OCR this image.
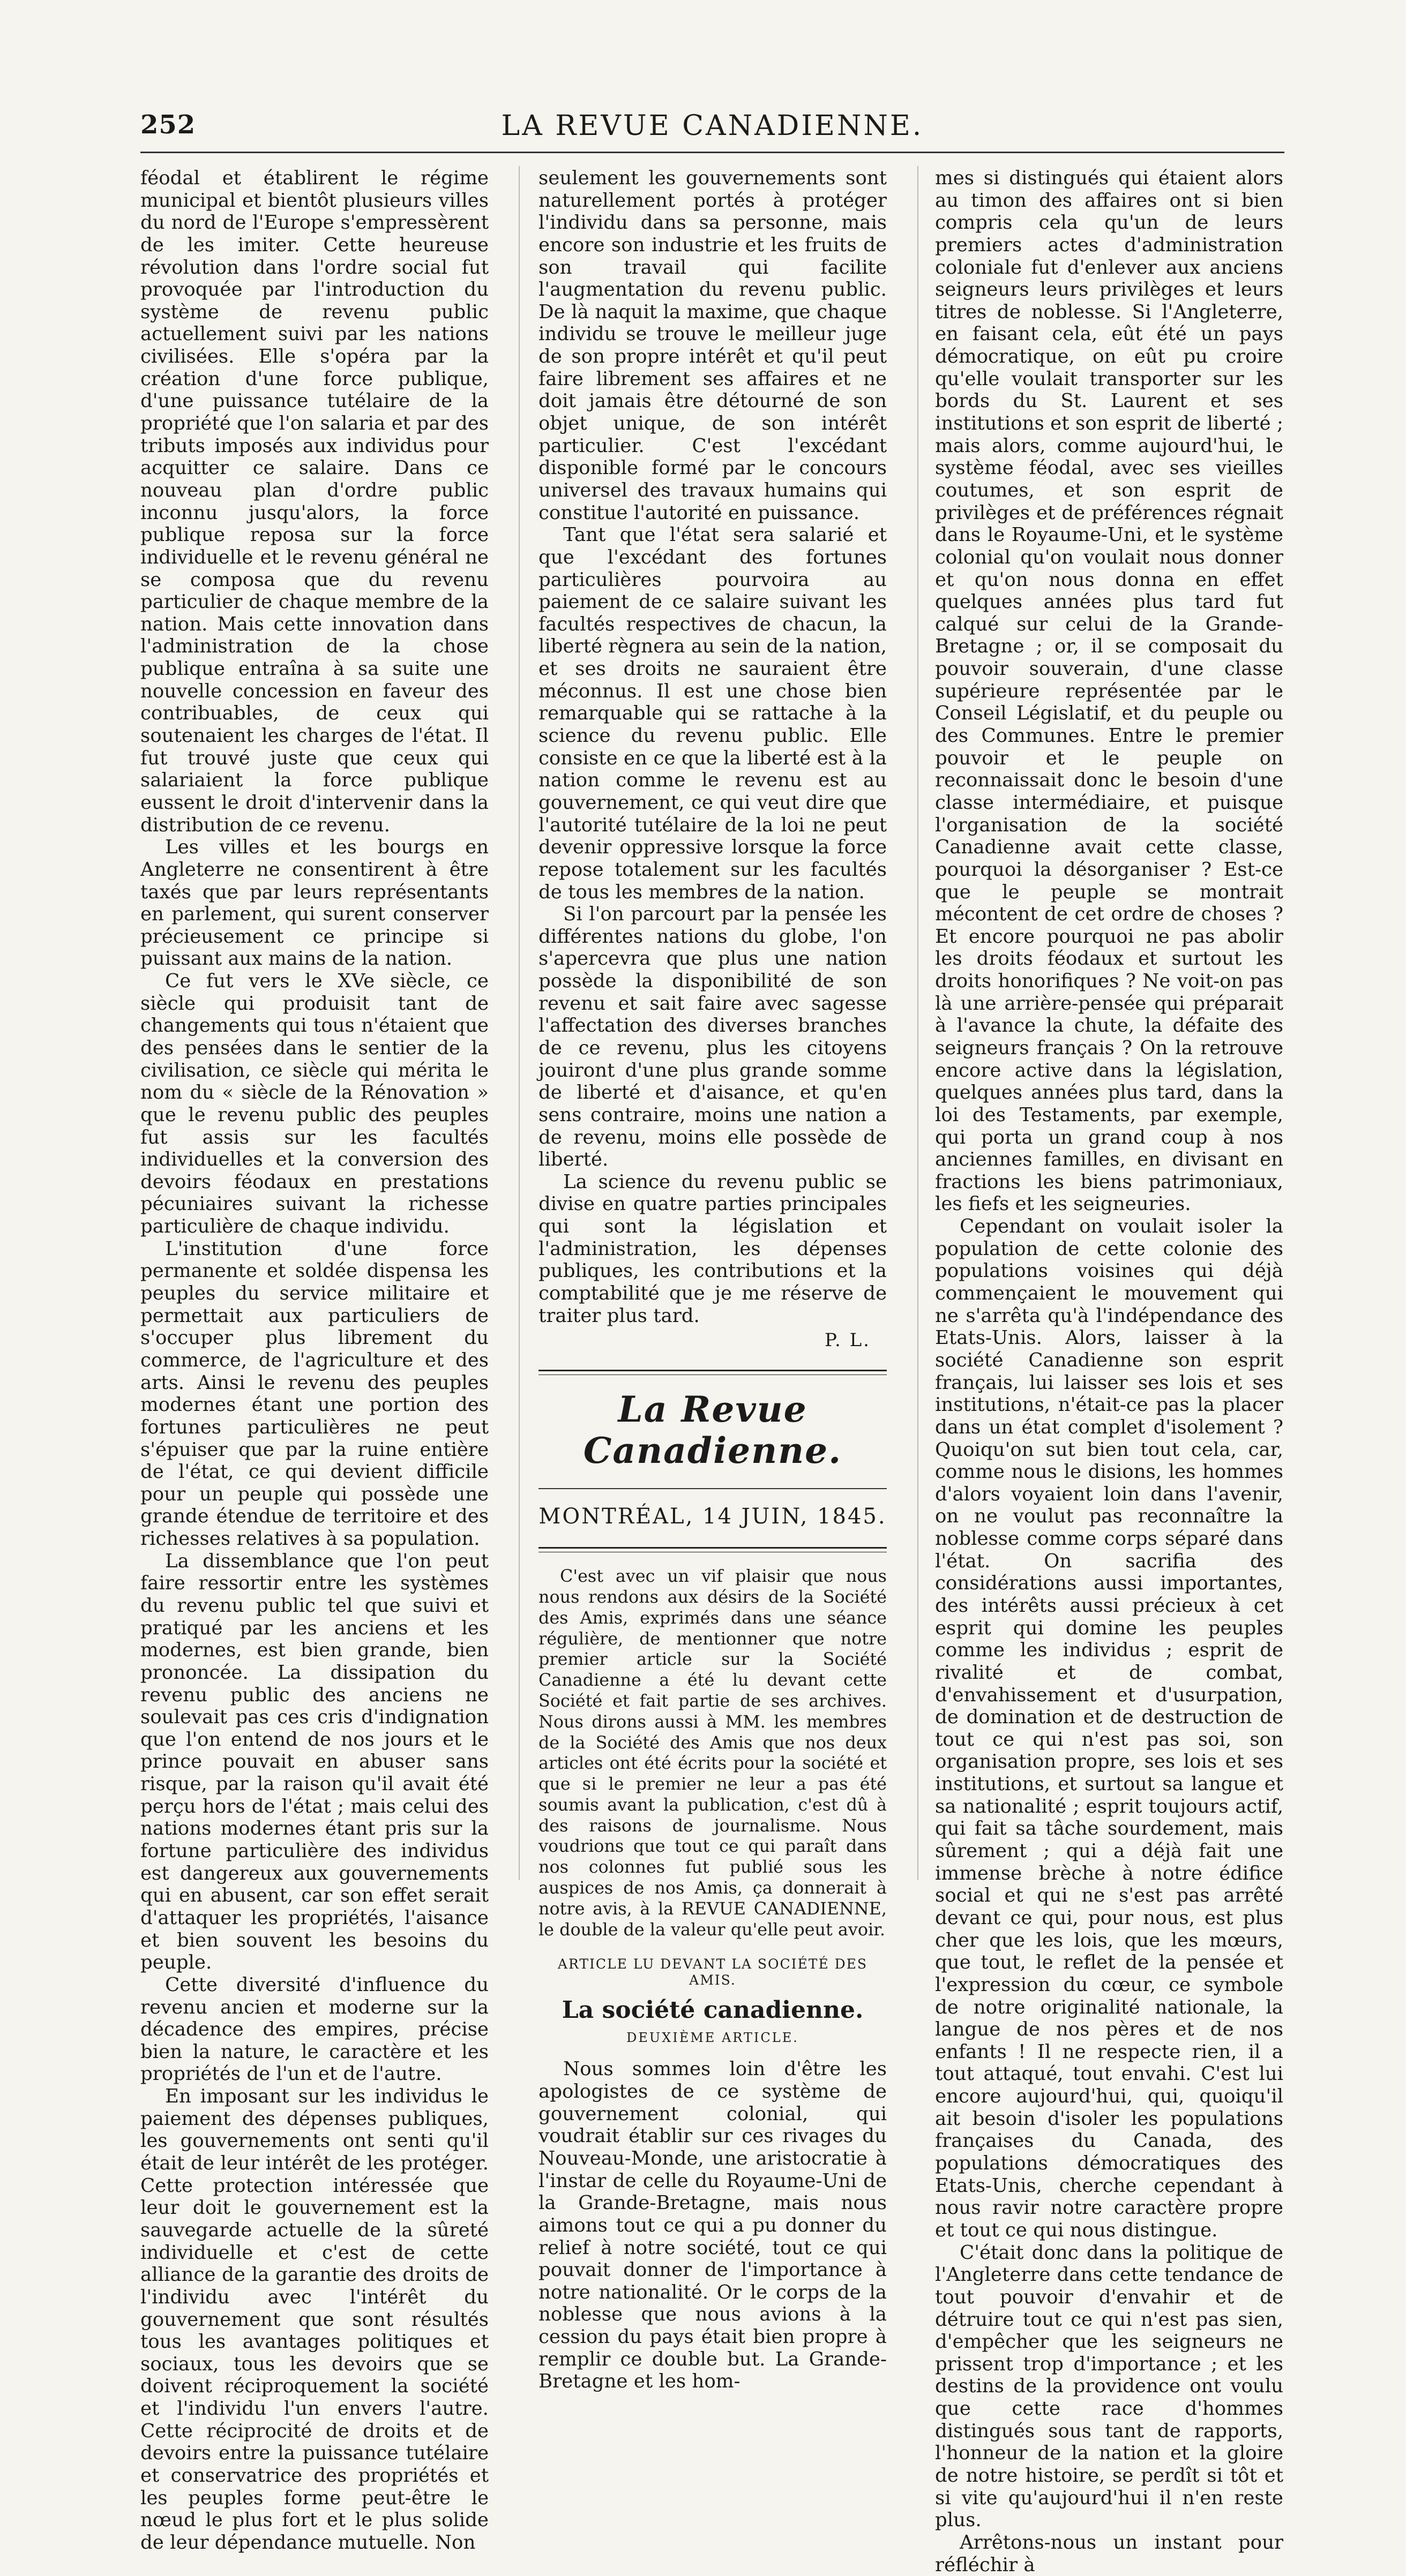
252	LA REVUE CANADIENNE.

féodal et établirent le régime municipal et bientôt plusieurs villes du nord de l'Europe s'empressèrent de les imiter. Cette heureuse révolution dans l'ordre social fut provoquée par l'introduction du système de revenu public actuellement suivi par les nations civilisées. Elle s'opéra par la création d'une force publique, d'une puissance tutélaire de la propriété que l'on salaria et par des tributs imposés aux individus pour acquitter ce salaire. Dans ce nouveau plan d'ordre public inconnu jusqu'alors, la force publique reposa sur la force individuelle et le revenu général ne se composa que du revenu particulier de chaque membre de la nation. Mais cette innovation dans l'administration de la chose publique entraîna à sa suite une nouvelle concession en faveur des contribuables, de ceux qui soutenaient les charges de l'état. Il fut trouvé juste que ceux qui salariaient la force publique eussent le droit d'intervenir dans la distribution de ce revenu.

Les villes et les bourgs en Angleterre ne consentirent à être taxés que par leurs représentants en parlement, qui surent conserver précieusement ce principe si puissant aux mains de la nation.

Ce fut vers le XVe siècle, ce siècle qui produisit tant de changements qui tous n'étaient que des pensées dans le sentier de la civilisation, ce siècle qui mérita le nom du « siècle de la Rénovation » que le revenu public des peuples fut assis sur les facultés individuelles et la conversion des devoirs féodaux en prestations pécuniaires suivant la richesse particulière de chaque individu.

L'institution d'une force permanente et soldée dispensa les peuples du service militaire et permettait aux particuliers de s'occuper plus librement du commerce, de l'agriculture et des arts. Ainsi le revenu des peuples modernes étant une portion des fortunes particulières ne peut s'épuiser que par la ruine entière de l'état, ce qui devient difficile pour un peuple qui possède une grande étendue de territoire et des richesses relatives à sa population.

La dissemblance que l'on peut faire ressortir entre les systèmes du revenu public tel que suivi et pratiqué par les anciens et les modernes, est bien grande, bien prononcée. La dissipation du revenu public des anciens ne soulevait pas ces cris d'indignation que l'on entend de nos jours et le prince pouvait en abuser sans risque, par la raison qu'il avait été perçu hors de l'état ; mais celui des nations modernes étant pris sur la fortune particulière des individus est dangereux aux gouvernements qui en abusent, car son effet serait d'attaquer les propriétés, l'aisance et bien souvent les besoins du peuple.

Cette diversité d'influence du revenu ancien et moderne sur la décadence des empires, précise bien la nature, le caractère et les propriétés de l'un et de l'autre.

En imposant sur les individus le paiement des dépenses publiques, les gouvernements ont senti qu'il était de leur intérêt de les protéger. Cette protection intéressée que leur doit le gouvernement est la sauvegarde actuelle de la sûreté individuelle et c'est de cette alliance de la garantie des droits de l'individu avec l'intérêt du gouvernement que sont résultés tous les avantages politiques et sociaux, tous les devoirs que se doivent réciproquement la société et l'individu l'un envers l'autre. Cette réciprocité de droits et de devoirs entre la puissance tutélaire et conservatrice des propriétés et les peuples forme peut-être le nœud le plus fort et le plus solide de leur dépendance mutuelle. Non

seulement les gouvernements sont naturellement portés à protéger l'individu dans sa personne, mais encore son industrie et les fruits de son travail qui facilite l'augmentation du revenu public. De là naquit la maxime, que chaque individu se trouve le meilleur juge de son propre intérêt et qu'il peut faire librement ses affaires et ne doit jamais être détourné de son objet unique, de son intérêt particulier. C'est l'excédant disponible formé par le concours universel des travaux humains qui constitue l'autorité en puissance.

Tant que l'état sera salarié et que l'excédant des fortunes particulières pourvoira au paiement de ce salaire suivant les facultés respectives de chacun, la liberté règnera au sein de la nation, et ses droits ne sauraient être méconnus. Il est une chose bien remarquable qui se rattache à la science du revenu public. Elle consiste en ce que la liberté est à la nation comme le revenu est au gouvernement, ce qui veut dire que l'autorité tutélaire de la loi ne peut devenir oppressive lorsque la force repose totalement sur les facultés de tous les membres de la nation.

Si l'on parcourt par la pensée les différentes nations du globe, l'on s'apercevra que plus une nation possède la disponibilité de son revenu et sait faire avec sagesse l'affectation des diverses branches de ce revenu, plus les citoyens jouiront d'une plus grande somme de liberté et d'aisance, et qu'en sens contraire, moins une nation a de revenu, moins elle possède de liberté.

La science du revenu public se divise en quatre parties principales qui sont la législation et l'administration, les dépenses publiques, les contributions et la comptabilité que je me réserve de traiter plus tard.

P. L.
La Revue Canadienne.
MONTRÉAL, 14 JUIN, 1845.

C'est avec un vif plaisir que nous nous rendons aux désirs de la Société des Amis, exprimés dans une séance régulière, de mentionner que notre premier article sur la Société Canadienne a été lu devant cette Société et fait partie de ses archives. Nous dirons aussi à MM. les membres de la Société des Amis que nos deux articles ont été écrits pour la société et que si le premier ne leur a pas été soumis avant la publication, c'est dû à des raisons de journalisme. Nous voudrions que tout ce qui paraît dans nos colonnes fut publié sous les auspices de nos Amis, ça donnerait à notre avis, à la REVUE CANADIENNE, le double de la valeur qu'elle peut avoir.

ARTICLE LU DEVANT LA SOCIÉTÉ DES AMIS.
La société canadienne.
DEUXIÈME ARTICLE.

Nous sommes loin d'être les apologistes de ce système de gouvernement colonial, qui voudrait établir sur ces rivages du Nouveau-Monde, une aristocratie à l'instar de celle du Royaume-Uni de la Grande-Bretagne, mais nous aimons tout ce qui a pu donner du relief à notre société, tout ce qui pouvait donner de l'importance à notre nationalité. Or le corps de la noblesse que nous avions à la cession du pays était bien propre à remplir ce double but. La Grande-Bretagne et les hom-

mes si distingués qui étaient alors au timon des affaires ont si bien compris cela qu'un de leurs premiers actes d'administration coloniale fut d'enlever aux anciens seigneurs leurs privilèges et leurs titres de noblesse. Si l'Angleterre, en faisant cela, eût été un pays démocratique, on eût pu croire qu'elle voulait transporter sur les bords du St. Laurent et ses institutions et son esprit de liberté ; mais alors, comme aujourd'hui, le système féodal, avec ses vieilles coutumes, et son esprit de privilèges et de préférences régnait dans le Royaume-Uni, et le système colonial qu'on voulait nous donner et qu'on nous donna en effet quelques années plus tard fut calqué sur celui de la Grande-Bretagne ; or, il se composait du pouvoir souverain, d'une classe supérieure représentée par le Conseil Législatif, et du peuple ou des Communes. Entre le premier pouvoir et le peuple on reconnaissait donc le besoin d'une classe intermédiaire, et puisque l'organisation de la société Canadienne avait cette classe, pourquoi la désorganiser ? Est-ce que le peuple se montrait mécontent de cet ordre de choses ? Et encore pourquoi ne pas abolir les droits féodaux et surtout les droits honorifiques ? Ne voit-on pas là une arrière-pensée qui préparait à l'avance la chute, la défaite des seigneurs français ? On la retrouve encore active dans la législation, quelques années plus tard, dans la loi des Testaments, par exemple, qui porta un grand coup à nos anciennes familles, en divisant en fractions les biens patrimoniaux, les fiefs et les seigneuries.

Cependant on voulait isoler la population de cette colonie des populations voisines qui déjà commençaient le mouvement qui ne s'arrêta qu'à l'indépendance des Etats-Unis. Alors, laisser à la société Canadienne son esprit français, lui laisser ses lois et ses institutions, n'était-ce pas la placer dans un état complet d'isolement ? Quoiqu'on sut bien tout cela, car, comme nous le disions, les hommes d'alors voyaient loin dans l'avenir, on ne voulut pas reconnaître la noblesse comme corps séparé dans l'état. On sacrifia des considérations aussi importantes, des intérêts aussi précieux à cet esprit qui domine les peuples comme les individus ; esprit de rivalité et de combat, d'envahissement et d'usurpation, de domination et de destruction de tout ce qui n'est pas soi, son organisation propre, ses lois et ses institutions, et surtout sa langue et sa nationalité ; esprit toujours actif, qui fait sa tâche sourdement, mais sûrement ; qui a déjà fait une immense brèche à notre édifice social et qui ne s'est pas arrêté devant ce qui, pour nous, est plus cher que les lois, que les mœurs, que tout, le reflet de la pensée et l'expression du cœur, ce symbole de notre originalité nationale, la langue de nos pères et de nos enfants ! Il ne respecte rien, il a tout attaqué, tout envahi. C'est lui encore aujourd'hui, qui, quoiqu'il ait besoin d'isoler les populations françaises du Canada, des populations démocratiques des Etats-Unis, cherche cependant à nous ravir notre caractère propre et tout ce qui nous distingue.

C'était donc dans la politique de l'Angleterre dans cette tendance de tout pouvoir d'envahir et de détruire tout ce qui n'est pas sien, d'empêcher que les seigneurs ne prissent trop d'importance ; et les destins de la providence ont voulu que cette race d'hommes distingués sous tant de rapports, l'honneur de la nation et la gloire de notre histoire, se perdît si tôt et si vite qu'aujourd'hui il n'en reste plus.

Arrêtons-nous un instant pour réfléchir à
